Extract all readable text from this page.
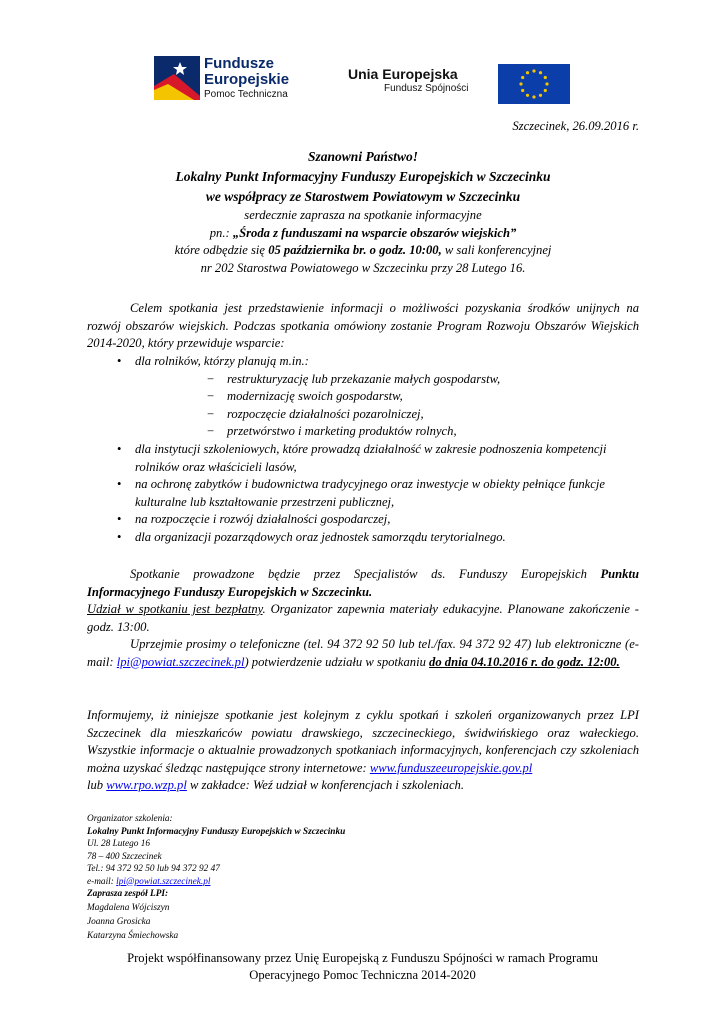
Fundusze
Europejskie
Pomoc Techniczna
Unia Europejska
Fundusz Spójności
Szczecinek, 26.09.2016 r.
Szanowni Państwo!
Lokalny Punkt Informacyjny Funduszy Europejskich w Szczecinku
we współpracy ze Starostwem Powiatowym w Szczecinku
serdecznie zaprasza na spotkanie informacyjne
pn.: „Środa z funduszami na wsparcie obszarów wiejskich”
które odbędzie się 05 października br. o godz. 10:00, w sali konferencyjnej
nr 202 Starostwa Powiatowego w Szczecinku przy 28 Lutego 16.
Celem spotkania jest przedstawienie informacji o możliwości pozyskania środków unijnych na rozwój obszarów wiejskich. Podczas spotkania omówiony zostanie Program Rozwoju Obszarów Wiejskich 2014-2020, który przewiduje wsparcie:
• dla rolników, którzy planują m.in.:
− restrukturyzację lub przekazanie małych gospodarstw,
− modernizację swoich gospodarstw,
− rozpoczęcie działalności pozarolniczej,
− przetwórstwo i marketing produktów rolnych,
• dla instytucji szkoleniowych, które prowadzą działalność w zakresie podnoszenia kompetencji rolników oraz właścicieli lasów,
• na ochronę zabytków i budownictwa tradycyjnego oraz inwestycje w obiekty pełniące funkcje kulturalne lub kształtowanie przestrzeni publicznej,
• na rozpoczęcie i rozwój działalności gospodarczej,
• dla organizacji pozarządowych oraz jednostek samorządu terytorialnego.
Spotkanie prowadzone będzie przez Specjalistów ds. Funduszy Europejskich Punktu Informacyjnego Funduszy Europejskich w Szczecinku.
Udział w spotkaniu jest bezpłatny. Organizator zapewnia materiały edukacyjne. Planowane zakończenie - godz. 13:00.
Uprzejmie prosimy o telefoniczne (tel. 94 372 92 50 lub tel./fax. 94 372 92 47) lub elektroniczne (e-mail: lpi@powiat.szczecinek.pl) potwierdzenie udziału w spotkaniu do dnia 04.10.2016 r. do godz. 12:00.
Informujemy, iż niniejsze spotkanie jest kolejnym z cyklu spotkań i szkoleń organizowanych przez LPI Szczecinek dla mieszkańców powiatu drawskiego, szczecineckiego, świdwińskiego oraz wałeckiego. Wszystkie informacje o aktualnie prowadzonych spotkaniach informacyjnych, konferencjach czy szkoleniach można uzyskać śledząc następujące strony internetowe: www.funduszeeuropejskie.gov.pl
lub www.rpo.wzp.pl w zakładce: Weź udział w konferencjach i szkoleniach.
Organizator szkolenia:
Lokalny Punkt Informacyjny Funduszy Europejskich w Szczecinku
Ul. 28 Lutego 16
78 – 400 Szczecinek
Tel.: 94 372 92 50 lub 94 372 92 47
e-mail: lpi@powiat.szczecinek.pl
Zaprasza zespół LPI:
Magdalena Wójciszyn
Joanna Grosicka
Katarzyna Śmiechowska
Projekt współfinansowany przez Unię Europejską z Funduszu Spójności w ramach Programu
Operacyjnego Pomoc Techniczna 2014-2020
